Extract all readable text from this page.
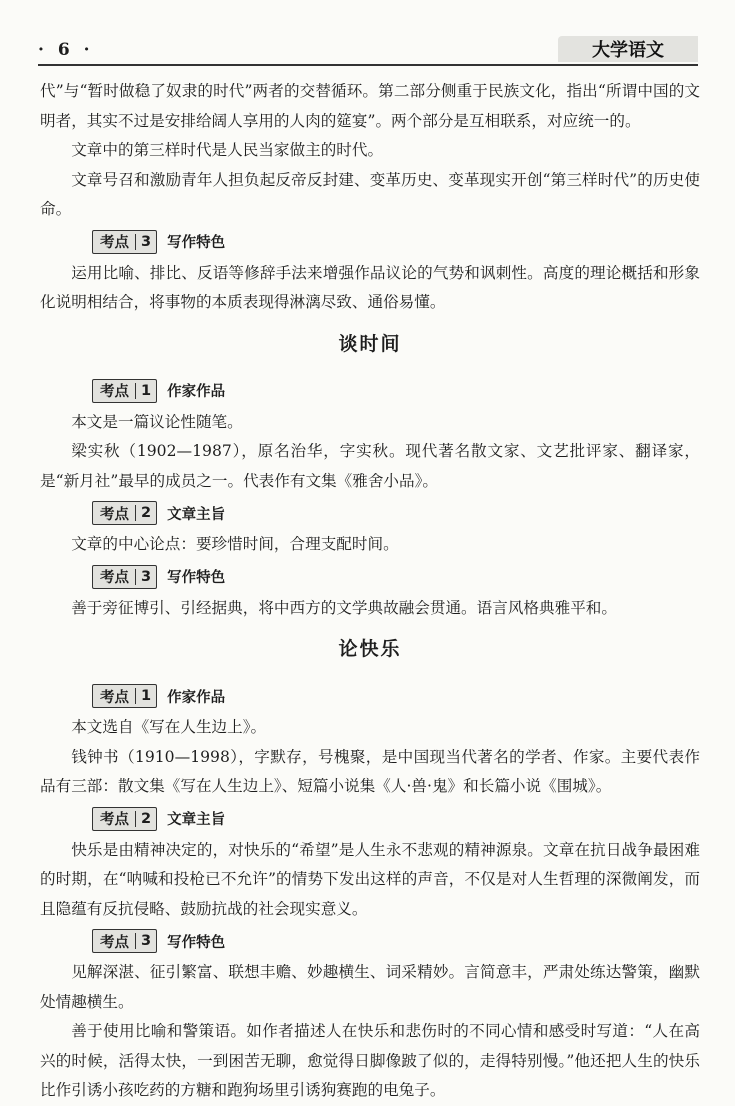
· 6 ·	大学语文

代”与“暂时做稳了奴隶的时代”两者的交替循环。第二部分侧重于民族文化，指出“所谓中国的文明者，其实不过是安排给阔人享用的人肉的筵宴”。两个部分是互相联系，对应统一的。

文章中的第三样时代是人民当家做主的时代。

文章号召和激励青年人担负起反帝反封建、变革历史、变革现实开创“第三样时代”的历史使命。

考点 3 写作特色

运用比喻、排比、反语等修辞手法来增强作品议论的气势和讽刺性。高度的理论概括和形象化说明相结合，将事物的本质表现得淋漓尽致、通俗易懂。

谈时间
考点 1 作家作品

本文是一篇议论性随笔。

梁实秋（1902—1987），原名治华，字实秋。现代著名散文家、文艺批评家、翻译家，是“新月社”最早的成员之一。代表作有文集《雅舍小品》。

考点 2 文章主旨

文章的中心论点：要珍惜时间，合理支配时间。

考点 3 写作特色

善于旁征博引、引经据典，将中西方的文学典故融会贯通。语言风格典雅平和。

论快乐
考点 1 作家作品

本文选自《写在人生边上》。

钱钟书（1910—1998），字默存，号槐聚，是中国现当代著名的学者、作家。主要代表作品有三部：散文集《写在人生边上》、短篇小说集《人·兽·鬼》和长篇小说《围城》。

考点 2 文章主旨

快乐是由精神决定的，对快乐的“希望”是人生永不悲观的精神源泉。文章在抗日战争最困难的时期，在“呐喊和投枪已不允许”的情势下发出这样的声音，不仅是对人生哲理的深微阐发，而且隐蕴有反抗侵略、鼓励抗战的社会现实意义。

考点 3 写作特色

见解深湛、征引繁富、联想丰赡、妙趣横生、词采精妙。言简意丰，严肃处练达警策，幽默处情趣横生。

善于使用比喻和警策语。如作者描述人在快乐和悲伤时的不同心情和感受时写道：“人在高兴的时候，活得太快，一到困苦无聊，愈觉得日脚像跛了似的，走得特别慢。”他还把人生的快乐比作引诱小孩吃药的方糖和跑狗场里引诱狗赛跑的电兔子。
